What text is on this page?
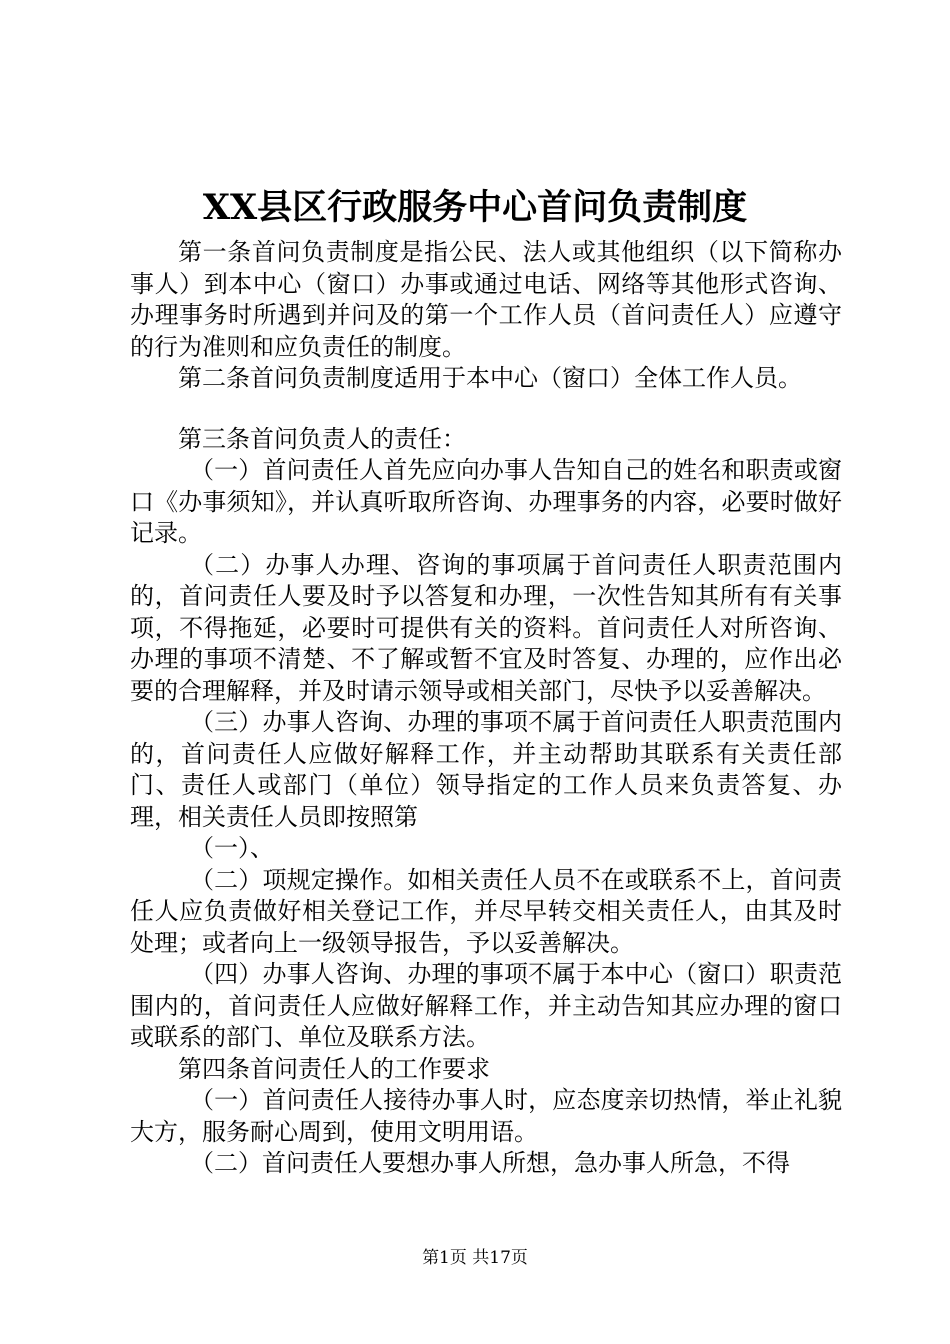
XX县区行政服务中心首问负责制度

第一条首问负责制度是指公民、法人或其他组织（以下简称办事人）到本中心（窗口）办事或通过电话、网络等其他形式咨询、办理事务时所遇到并问及的第一个工作人员（首问责任人）应遵守的行为准则和应负责任的制度。

第二条首问负责制度适用于本中心（窗口）全体工作人员。

第三条首问负责人的责任：

（一）首问责任人首先应向办事人告知自己的姓名和职责或窗口《办事须知》，并认真听取所咨询、办理事务的内容，必要时做好记录。

（二）办事人办理、咨询的事项属于首问责任人职责范围内的，首问责任人要及时予以答复和办理，一次性告知其所有有关事项，不得拖延，必要时可提供有关的资料。首问责任人对所咨询、办理的事项不清楚、不了解或暂不宜及时答复、办理的，应作出必要的合理解释，并及时请示领导或相关部门，尽快予以妥善解决。

（三）办事人咨询、办理的事项不属于首问责任人职责范围内的，首问责任人应做好解释工作，并主动帮助其联系有关责任部门、责任人或部门（单位）领导指定的工作人员来负责答复、办理，相关责任人员即按照第

（一）、

（二）项规定操作。如相关责任人员不在或联系不上，首问责任人应负责做好相关登记工作，并尽早转交相关责任人，由其及时处理；或者向上一级领导报告，予以妥善解决。

（四）办事人咨询、办理的事项不属于本中心（窗口）职责范围内的，首问责任人应做好解释工作，并主动告知其应办理的窗口或联系的部门、单位及联系方法。

第四条首问责任人的工作要求

（一）首问责任人接待办事人时，应态度亲切热情，举止礼貌大方，服务耐心周到，使用文明用语。

（二）首问责任人要想办事人所想，急办事人所急，不得

第1页 共17页
